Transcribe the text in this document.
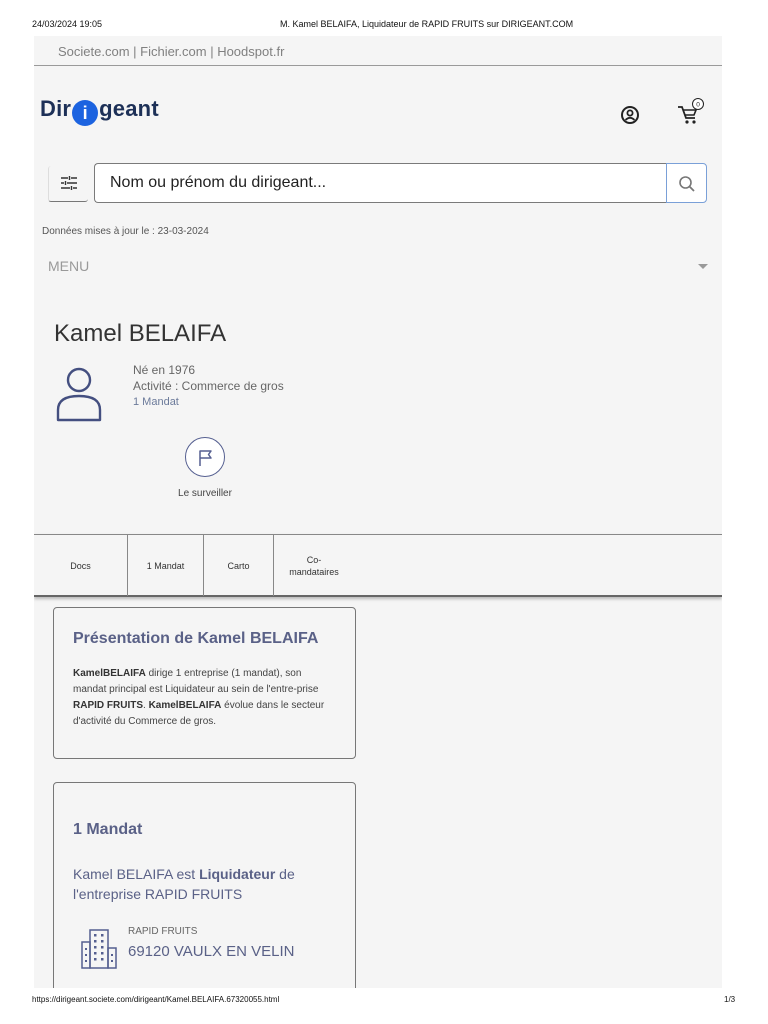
24/03/2024 19:05	M. Kamel BELAIFA, Liquidateur de RAPID FRUITS sur DIRIGEANT.COM
Societe.com | Fichier.com | Hoodspot.fr
Dir i geant	0
Nom ou prénom du dirigeant...
Données mises à jour le : 23-03-2024
MENU
Kamel BELAIFA
Né en 1976
Activité : Commerce de gros
1 Mandat
Le surveiller
Docs	1 Mandat	Carto
Co-
mandataires
Présentation de Kamel BELAIFA

KamelBELAIFA dirige 1 entreprise (1 mandat), son mandat principal est Liquidateur au sein de l'entre-prise RAPID FRUITS. KamelBELAIFA évolue dans le secteur d'activité du Commerce de gros.

1 Mandat
Kamel BELAIFA est Liquidateur de l'entreprise RAPID FRUITS
RAPID FRUITS
69120 VAULX EN VELIN
https://dirigeant.societe.com/dirigeant/Kamel.BELAIFA.67320055.html	1/3
